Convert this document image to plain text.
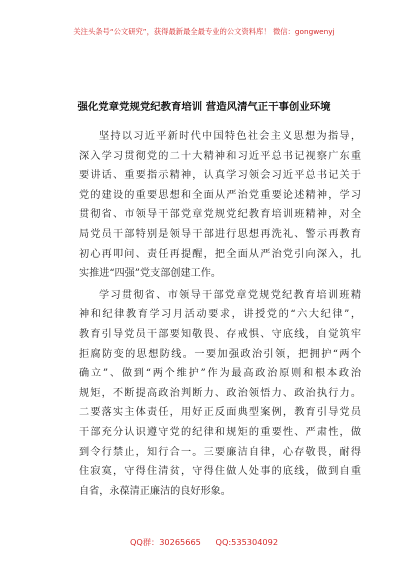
关注头条号“公文研究”，获得最新最全最专业的公文资料库！ 微信：gongwenyj
强化党章党规党纪教育培训 营造风清气正干事创业环境
坚持以习近平新时代中国特色社会主义思想为指导，
深入学习贯彻党的二十大精神和习近平总书记视察广东重
要讲话、重要指示精神，认真学习领会习近平总书记关于
党的建设的重要思想和全面从严治党重要论述精神，学习
贯彻省、市领导干部党章党规党纪教育培训班精神，对全
局党员干部特别是领导干部进行思想再洗礼、警示再教育
初心再叩问、责任再提醒，把全面从严治党引向深入，扎
实推进“四强”党支部创建工作。
学习贯彻省、市领导干部党章党规党纪教育培训班精
神和纪律教育学习月活动要求，讲授党的“六大纪律”，
教育引导党员干部要知敬畏、存戒惧、守底线，自觉筑牢
拒腐防变的思想防线。一要加强政治引领，把拥护“两个
确立”、做到“两个维护”作为最高政治原则和根本政治
规矩，不断提高政治判断力、政治领悟力、政治执行力。
二要落实主体责任，用好正反面典型案例，教育引导党员
干部充分认识遵守党的纪律和规矩的重要性、严肃性，做
到令行禁止，知行合一。三要廉洁自律，心存敬畏，耐得
住寂寞，守得住清贫，守得住做人处事的底线，做到自重
自省，永葆清正廉洁的良好形象。
QQ群：30265665 QQ:535304092
